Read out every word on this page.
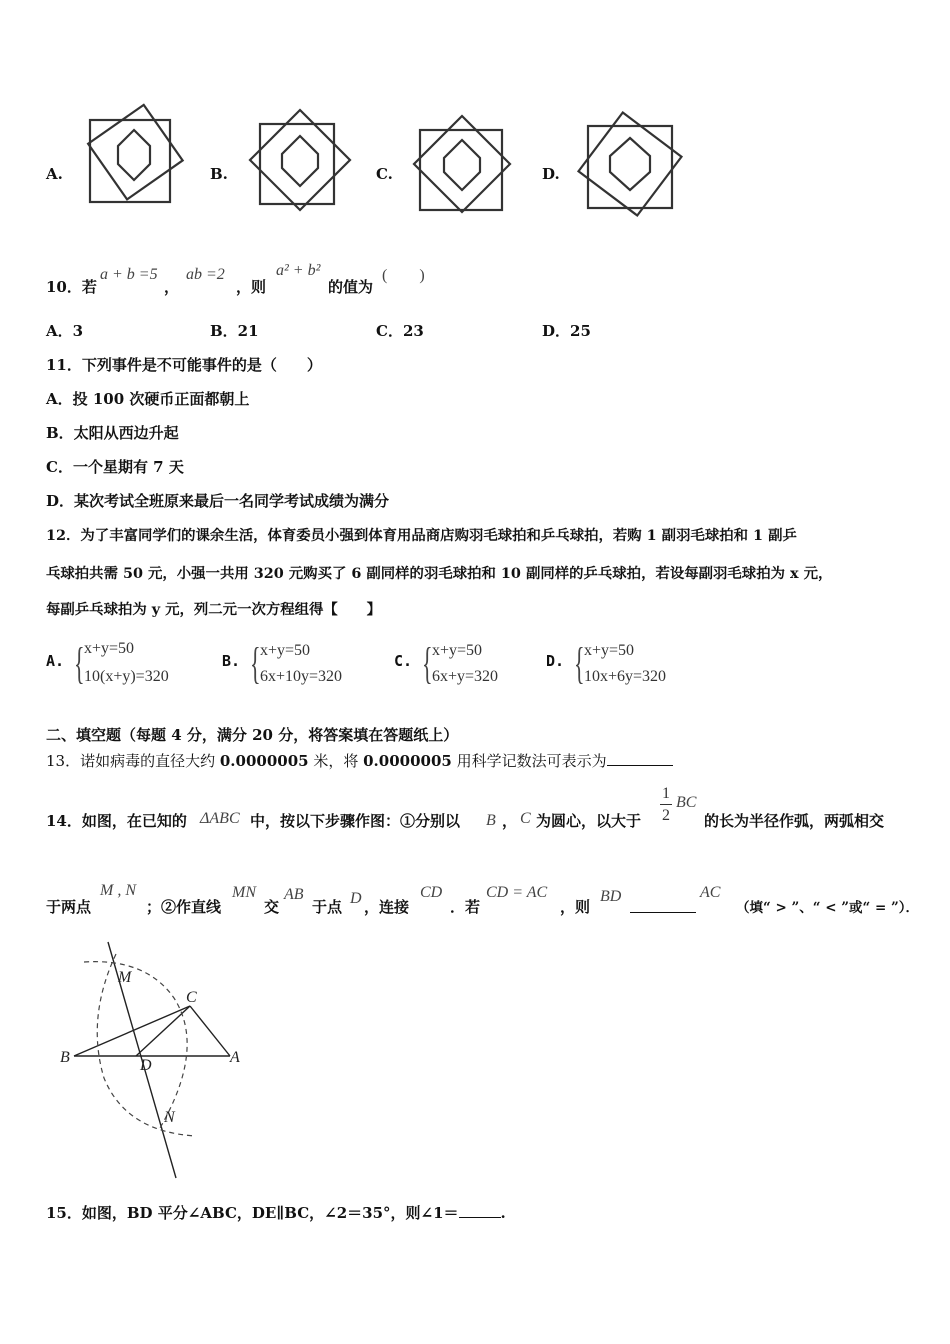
A.	B.	C.	D.
10．若
a + b =5
，
ab =2
，则
a² + b²
的值为
(　　)
A．3	B．21	C．23	D．25
11．下列事件是不可能事件的是（　　）
A．投 100 次硬币正面都朝上
B．太阳从西边升起
C．一个星期有 7 天
D．某次考试全班原来最后一名同学考试成绩为满分
12．为了丰富同学们的课余生活，体育委员小强到体育用品商店购羽毛球拍和乒乓球拍，若购 1 副羽毛球拍和 1 副乒
乓球拍共需 50 元，小强一共用 320 元购买了 6 副同样的羽毛球拍和 10 副同样的乒乓球拍，若设每副羽毛球拍为 x 元，
每副乒乓球拍为 y 元，列二元一次方程组得【　　】
A. { x+y=50
10(x+y)=320
B. { x+y=50
6x+10y=320
C. { x+y=50
6x+y=320
D. { x+y=50
10x+6y=320
二、填空题（每题 4 分，满分 20 分，将答案填在答题纸上）
13．诺如病毒的直径大约 0.0000005 米，将 0.0000005 用科学记数法可表示为
14．如图，在已知的 ΔABC 中，按以下步骤作图：①分别以 B ， C 为圆心，以大于 $\frac{1}{2}$ BC
的长为半径作弧，两弧相交
于两点
M , N
；②作直线
MN
交
AB
于点 D ，连接
CD
．若
CD = AC
，则
BD	AC
（填“ > ”、“ < ”或“ = ”）．
M
C
B	D	A
N
15．如图，BD 平分∠ABC，DE∥BC，∠2＝35°，则∠1＝	.
